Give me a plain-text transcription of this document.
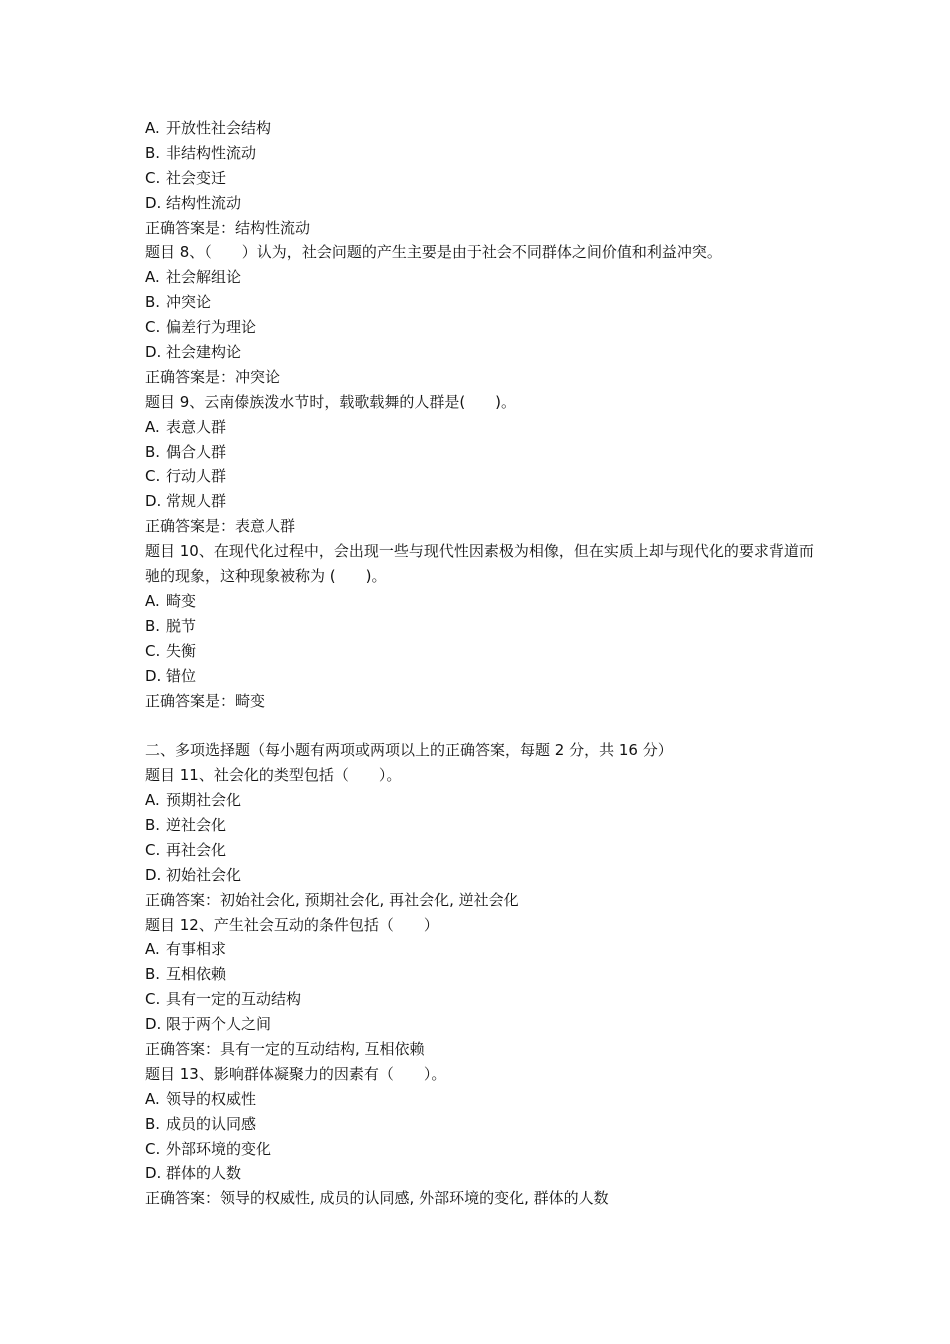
A. 开放性社会结构
B. 非结构性流动
C. 社会变迁
D. 结构性流动
正确答案是：结构性流动
题目 8、（　　）认为，社会问题的产生主要是由于社会不同群体之间价值和利益冲突。
A. 社会解组论
B. 冲突论
C. 偏差行为理论
D. 社会建构论
正确答案是：冲突论
题目 9、云南傣族泼水节时，载歌载舞的人群是(　　)。
A. 表意人群
B. 偶合人群
C. 行动人群
D. 常规人群
正确答案是：表意人群
题目 10、在现代化过程中，会出现一些与现代性因素极为相像，但在实质上却与现代化的要求背道而驰的现象，这种现象被称为 (　　)。
A. 畸变
B. 脱节
C. 失衡
D. 错位
正确答案是：畸变
二、多项选择题（每小题有两项或两项以上的正确答案，每题 2 分，共 16 分）
题目 11、社会化的类型包括（　　）。
A. 预期社会化
B. 逆社会化
C. 再社会化
D. 初始社会化
正确答案：初始社会化, 预期社会化, 再社会化, 逆社会化
题目 12、产生社会互动的条件包括（　　）
A. 有事相求
B. 互相依赖
C. 具有一定的互动结构
D. 限于两个人之间
正确答案：具有一定的互动结构, 互相依赖
题目 13、影响群体凝聚力的因素有（　　）。
A. 领导的权威性
B. 成员的认同感
C. 外部环境的变化
D. 群体的人数
正确答案：领导的权威性, 成员的认同感, 外部环境的变化, 群体的人数
